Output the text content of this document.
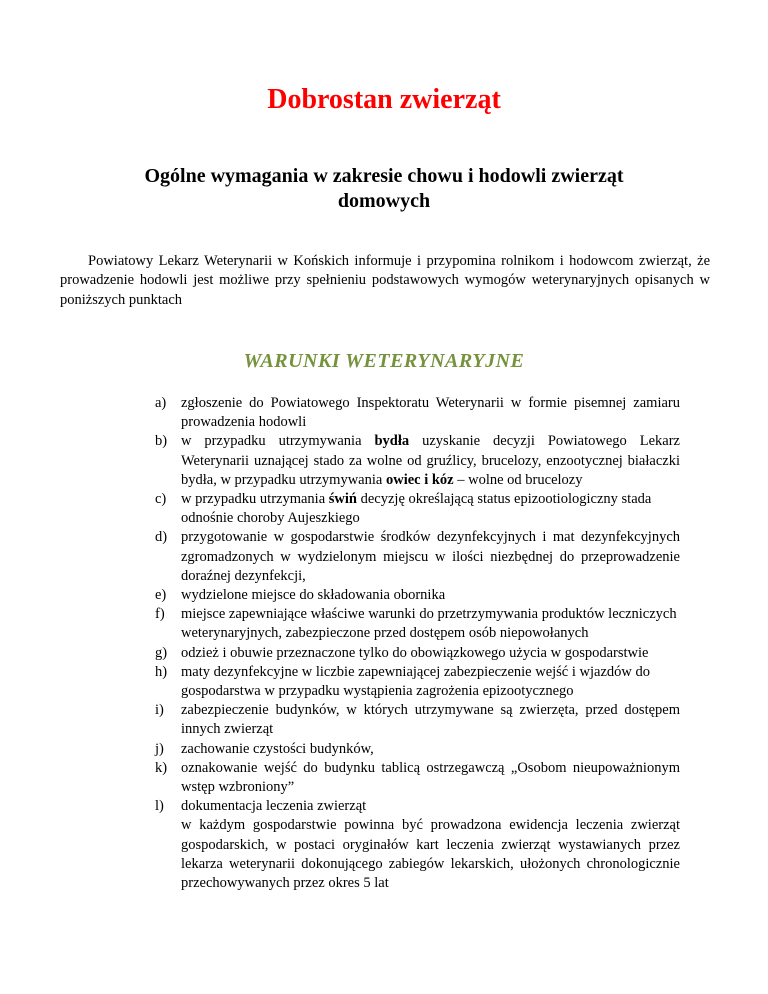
Dobrostan zwierząt
Ogólne wymagania w zakresie chowu i hodowli zwierząt domowych

Powiatowy Lekarz Weterynarii w Końskich informuje i przypomina rolnikom i hodowcom zwierząt, że prowadzenie hodowli jest możliwe przy spełnieniu podstawowych wymogów weterynaryjnych opisanych w poniższych punktach

WARUNKI WETERYNARYJNE
a) zgłoszenie do Powiatowego Inspektoratu Weterynarii w formie pisemnej zamiaru prowadzenia hodowli
b) w przypadku utrzymywania bydła uzyskanie decyzji Powiatowego Lekarz Weterynarii uznającej stado za wolne od gruźlicy, brucelozy, enzootycznej białaczki bydła, w przypadku utrzymywania owiec i kóz – wolne od brucelozy
c) w przypadku utrzymania świń decyzję określającą status epizootiologiczny stada odnośnie choroby Aujeszkiego
d) przygotowanie w gospodarstwie środków dezynfekcyjnych i mat dezynfekcyjnych zgromadzonych w wydzielonym miejscu w ilości niezbędnej do przeprowadzenie doraźnej dezynfekcji,
e) wydzielone miejsce do składowania obornika
f) miejsce zapewniające właściwe warunki do przetrzymywania produktów leczniczych weterynaryjnych, zabezpieczone przed dostępem osób niepowołanych
g) odzież i obuwie przeznaczone tylko do obowiązkowego użycia w gospodarstwie
h) maty dezynfekcyjne w liczbie zapewniającej zabezpieczenie wejść i wjazdów do gospodarstwa w przypadku wystąpienia zagrożenia epizootycznego
i) zabezpieczenie budynków, w których utrzymywane są zwierzęta, przed dostępem innych zwierząt
j) zachowanie czystości budynków,
k) oznakowanie wejść do budynku tablicą ostrzegawczą „Osobom nieupoważnionym wstęp wzbroniony”
l) dokumentacja leczenia zwierząt
w każdym gospodarstwie powinna być prowadzona ewidencja leczenia zwierząt gospodarskich, w postaci oryginałów kart leczenia zwierząt wystawianych przez lekarza weterynarii dokonującego zabiegów lekarskich, ułożonych chronologicznie przechowywanych przez okres 5 lat
